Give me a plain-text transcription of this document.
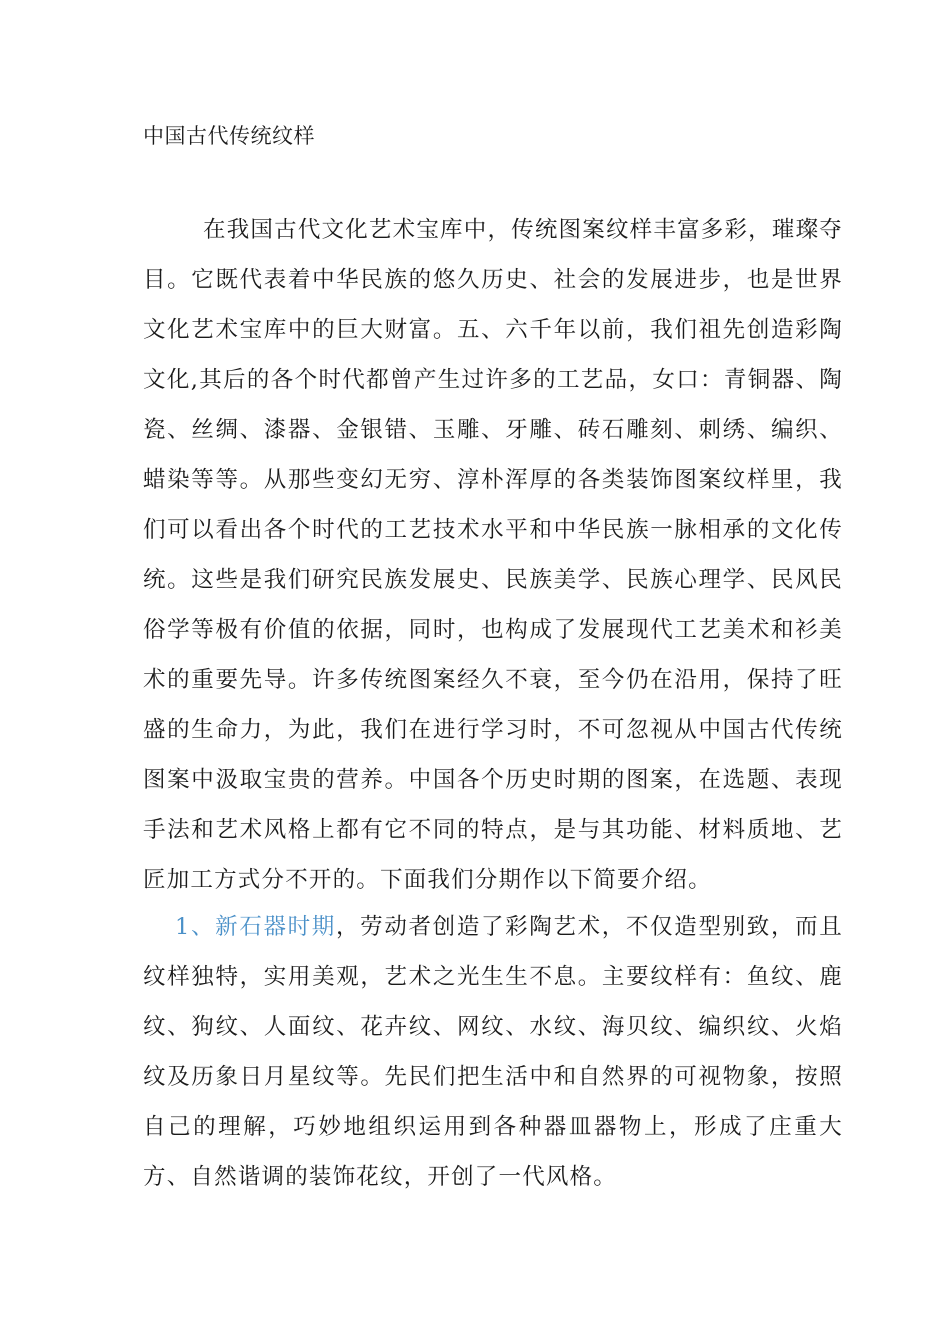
中国古代传统纹样

在我国古代文化艺术宝库中，传统图案纹样丰富多彩，璀璨夺目。它既代表着中华民族的悠久历史、社会的发展进步，也是世界文化艺术宝库中的巨大财富。五、六千年以前，我们祖先创造彩陶文化,其后的各个时代都曾产生过许多的工艺品，女口：青铜器、陶瓷、丝绸、漆器、金银错、玉雕、牙雕、砖石雕刻、刺绣、编织、蜡染等等。从那些变幻无穷、淳朴浑厚的各类装饰图案纹样里，我们可以看出各个时代的工艺技术水平和中华民族一脉相承的文化传统。这些是我们研究民族发展史、民族美学、民族心理学、民风民俗学等极有价值的依据，同时，也构成了发展现代工艺美术和衫美术的重要先导。许多传统图案经久不衰，至今仍在沿用，保持了旺盛的生命力，为此，我们在进行学习时，不可忽视从中国古代传统图案中汲取宝贵的营养。中国各个历史时期的图案，在选题、表现手法和艺术风格上都有它不同的特点，是与其功能、材料质地、艺匠加工方式分不开的。下面我们分期作以下简要介绍。

1、新石器时期，劳动者创造了彩陶艺术，不仅造型别致，而且纹样独特，实用美观，艺术之光生生不息。主要纹样有：鱼纹、鹿纹、狗纹、人面纹、花卉纹、网纹、水纹、海贝纹、编织纹、火焰纹及历象日月星纹等。先民们把生活中和自然界的可视物象，按照自己的理解，巧妙地组织运用到各种器皿器物上，形成了庄重大方、自然谐调的装饰花纹，开创了一代风格。
